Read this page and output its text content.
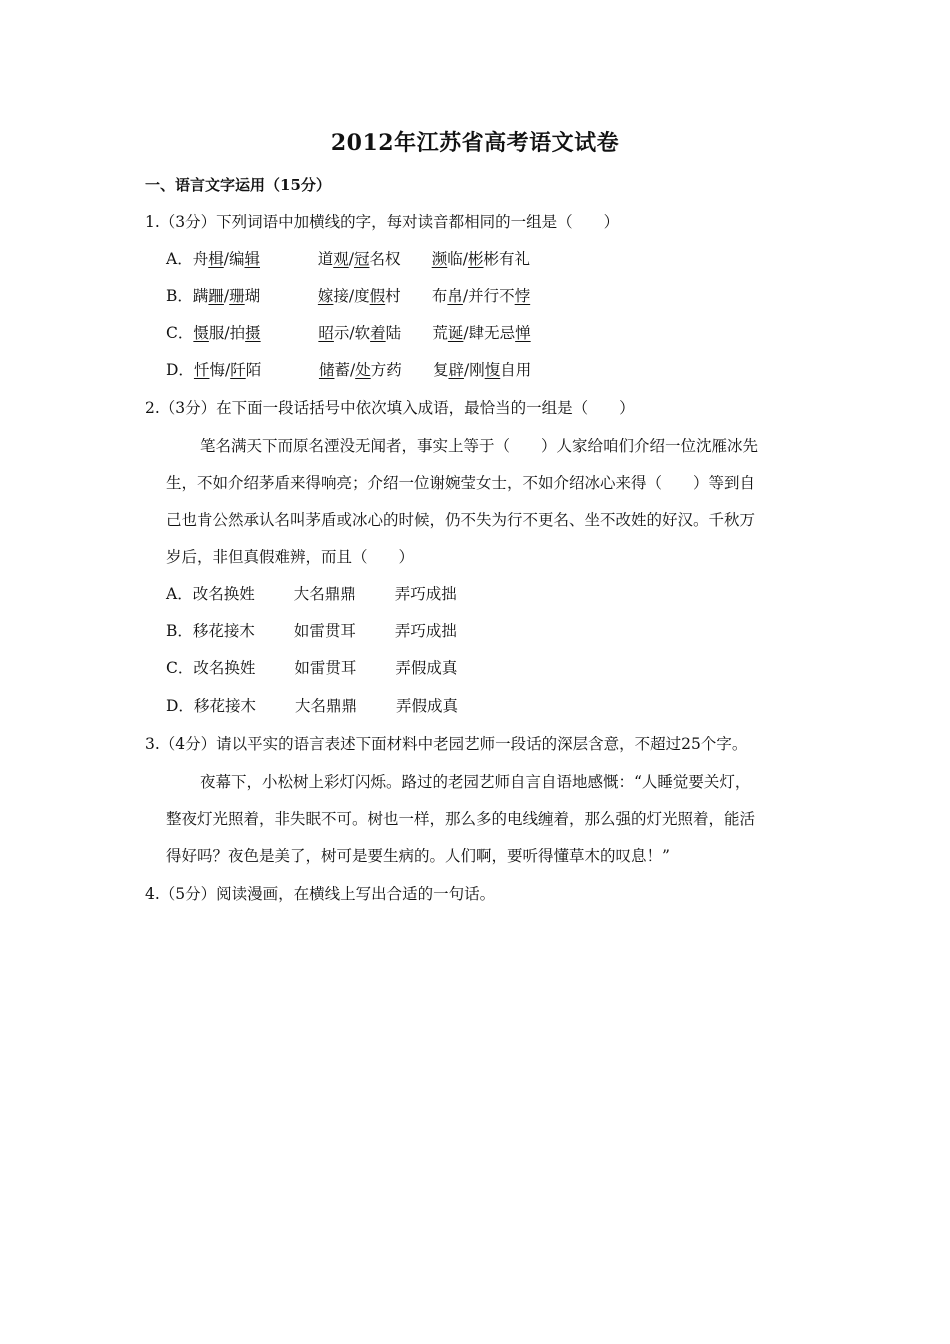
2012年江苏省高考语文试卷
一、语言文字运用（15分）
1.（3分）下列词语中加横线的字，每对读音都相同的一组是（　　）
A． 舟楫/编辑	道观/冠名权 濒临/彬彬有礼
B． 蹒跚/珊瑚	嫁接/度假村 布帛/并行不悖
C． 慑服/拍摄	昭示/软着陆 荒诞/肆无忌惮
D． 忏悔/阡陌	储蓄/处方药 复辟/刚愎自用
2.（3分）在下面一段话括号中依次填入成语，最恰当的一组是（　　）
笔名满天下而原名湮没无闻者，事实上等于（　　）人家给咱们介绍一位沈雁冰先
生，不如介绍茅盾来得响亮；介绍一位谢婉莹女士，不如介绍冰心来得（　　）等到自
己也肯公然承认名叫茅盾或冰心的时候，仍不失为行不更名、坐不改姓的好汉。千秋万
岁后，非但真假难辨，而且（　　）
A． 改名换姓	大名鼎鼎	弄巧成拙
B． 移花接木	如雷贯耳	弄巧成拙
C． 改名换姓	如雷贯耳	弄假成真
D． 移花接木	大名鼎鼎	弄假成真
3.（4分）请以平实的语言表述下面材料中老园艺师一段话的深层含意，不超过25个字。
夜幕下，小松树上彩灯闪烁。路过的老园艺师自言自语地感慨：“人睡觉要关灯，
整夜灯光照着，非失眠不可。树也一样，那么多的电线缠着，那么强的灯光照着，能活
得好吗？夜色是美了，树可是要生病的。人们啊，要听得懂草木的叹息！”
4.（5分）阅读漫画，在横线上写出合适的一句话。
